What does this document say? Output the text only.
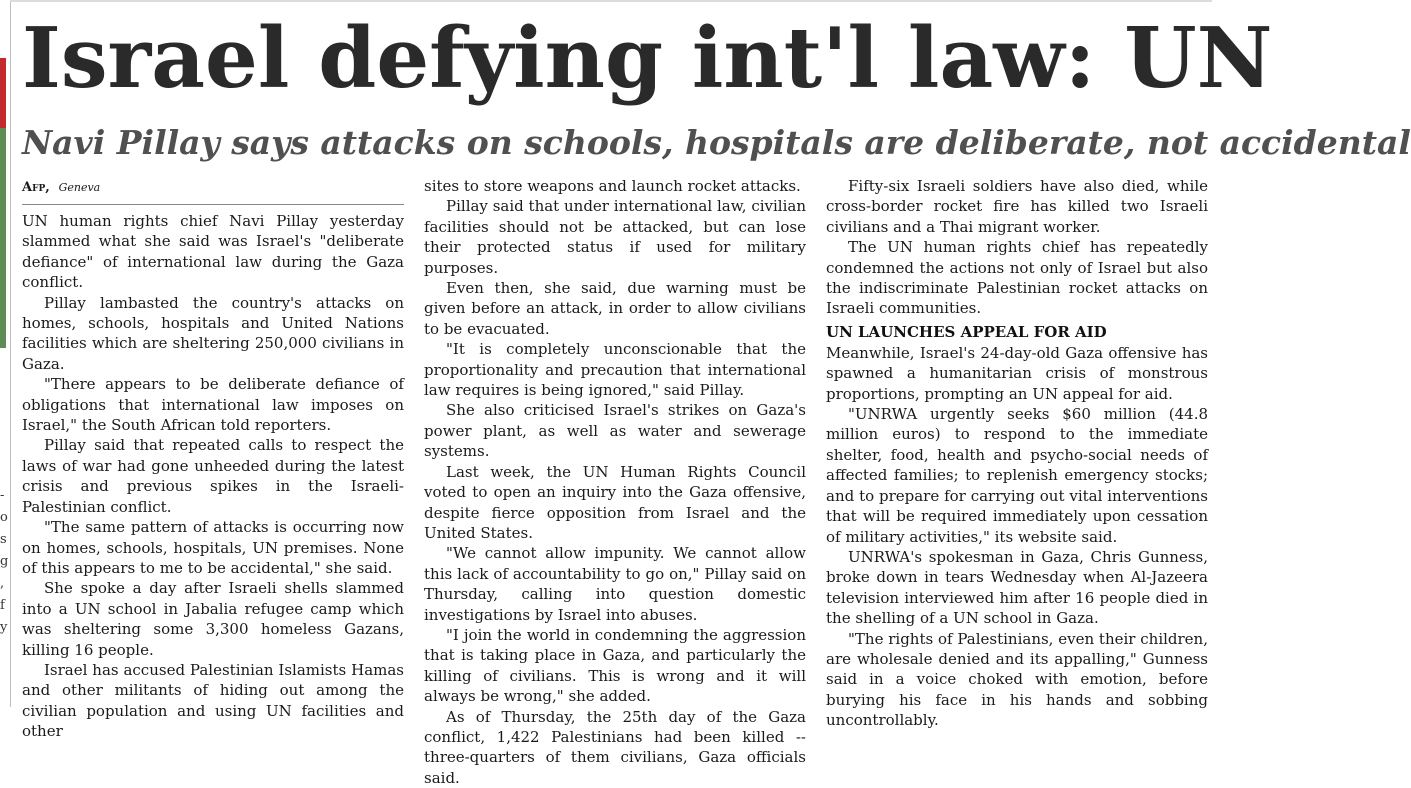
-
o
s
g
,
f
y
Israel defying int'l law: UN
Navi Pillay says attacks on schools, hospitals are deliberate, not accidental
Afp, Geneva

UN human rights chief Navi Pillay yesterday slammed what she said was Israel's "deliberate defiance" of international law during the Gaza conflict.

Pillay lambasted the country's attacks on homes, schools, hospitals and United Nations facilities which are sheltering 250,000 civilians in Gaza.

"There appears to be deliberate defiance of obligations that international law imposes on Israel," the South African told reporters.

Pillay said that repeated calls to respect the laws of war had gone unheeded during the latest crisis and previous spikes in the Israeli-Palestinian conflict.

"The same pattern of attacks is occurring now on homes, schools, hospitals, UN premises. None of this appears to me to be accidental," she said.

She spoke a day after Israeli shells slammed into a UN school in Jabalia refugee camp which was sheltering some 3,300 homeless Gazans, killing 16 people.

Israel has accused Palestinian Islamists Hamas and other militants of hiding out among the civilian population and using UN facilities and other

sites to store weapons and launch rocket attacks.

Pillay said that under international law, civilian facilities should not be attacked, but can lose their protected status if used for military purposes.

Even then, she said, due warning must be given before an attack, in order to allow civilians to be evacuated.

"It is completely unconscionable that the proportionality and precaution that international law requires is being ignored," said Pillay.

She also criticised Israel's strikes on Gaza's power plant, as well as water and sewerage systems.

Last week, the UN Human Rights Council voted to open an inquiry into the Gaza offensive, despite fierce opposition from Israel and the United States.

"We cannot allow impunity. We cannot allow this lack of accountability to go on," Pillay said on Thursday, calling into question domestic investigations by Israel into abuses.

"I join the world in condemning the aggression that is taking place in Gaza, and particularly the killing of civilians. This is wrong and it will always be wrong," she added.

As of Thursday, the 25th day of the Gaza conflict, 1,422 Palestinians had been killed -- three-quarters of them civilians, Gaza officials said.

Fifty-six Israeli soldiers have also died, while cross-border rocket fire has killed two Israeli civilians and a Thai migrant worker.

The UN human rights chief has repeatedly condemned the actions not only of Israel but also the indiscriminate Palestinian rocket attacks on Israeli communities.

UN LAUNCHES APPEAL FOR AID

Meanwhile, Israel's 24-day-old Gaza offensive has spawned a humanitarian crisis of monstrous proportions, prompting an UN appeal for aid.

"UNRWA urgently seeks $60 million (44.8 million euros) to respond to the immediate shelter, food, health and psycho-social needs of affected families; to replenish emergency stocks; and to prepare for carrying out vital interventions that will be required immediately upon cessation of military activities," its website said.

UNRWA's spokesman in Gaza, Chris Gunness, broke down in tears Wednesday when Al-Jazeera television interviewed him after 16 people died in the shelling of a UN school in Gaza.

"The rights of Palestinians, even their children, are wholesale denied and its appalling," Gunness said in a voice choked with emotion, before burying his face in his hands and sobbing uncontrollably.
